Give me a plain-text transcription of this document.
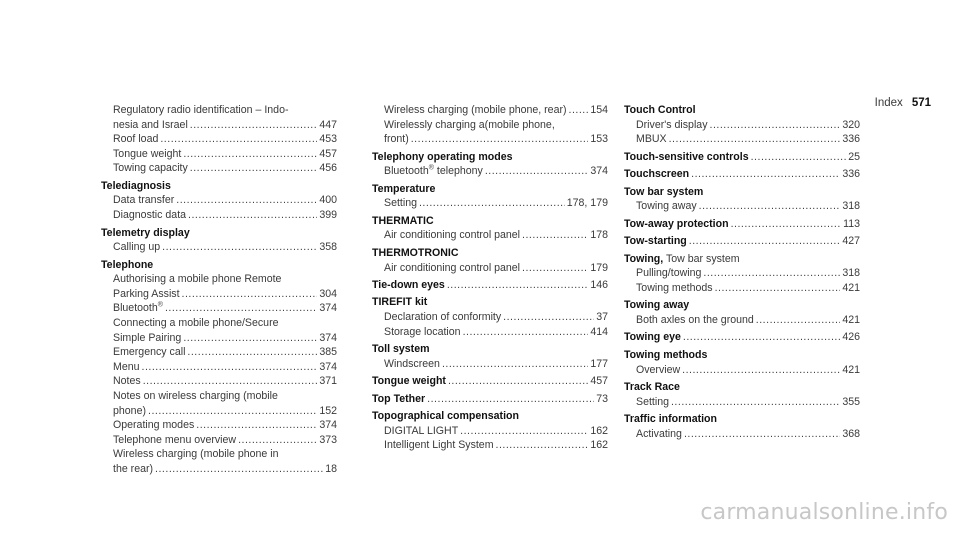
Index 571
Regulatory radio identification – Indo-
nesia and Israel .....	447
Roof load .....	453
Tongue weight .....	457
Towing capacity .....	456
Telediagnosis
Data transfer .....	400
Diagnostic data .....	399
Telemetry display
Calling up .....	358
Telephone
Authorising a mobile phone Remote
Parking Assist .....	304
Bluetooth® .....	374
Connecting a mobile phone/Secure
Simple Pairing .....	374
Emergency call .....	385
Menu .....	374
Notes .....	371
Notes on wireless charging (mobile
phone) .....	152
Operating modes .....	374
Telephone menu overview .....	373
Wireless charging (mobile phone in
the rear) .....	18
Wireless charging (mobile phone, rear) ..... 154
Wirelessly charging a(mobile phone,
front) .....	153
Telephony operating modes
Bluetooth® telephony .....	374
Temperature
Setting .....	178, 179
THERMATIC
Air conditioning control panel .....	178
THERMOTRONIC
Air conditioning control panel .....	179
Tie-down eyes .....	146
TIREFIT kit
Declaration of conformity .....	37
Storage location .....	414
Toll system
Windscreen .....	177
Tongue weight .....	457
Top Tether .....	73
Topographical compensation
DIGITAL LIGHT .....	162
Intelligent Light System .....	162
Touch Control
Driver's display .....	320
MBUX .....	336
Touch-sensitive controls .....	25
Touchscreen .....	336
Tow bar system
Towing away .....	318
Tow-away protection .....	113
Tow-starting .....	427
Towing, Tow bar system
Pulling/towing .....	318
Towing methods .....	421
Towing away
Both axles on the ground .....	421
Towing eye .....	426
Towing methods
Overview .....	421
Track Race
Setting .....	355
Traffic information
Activating .....	368
carmanualsonline.info
